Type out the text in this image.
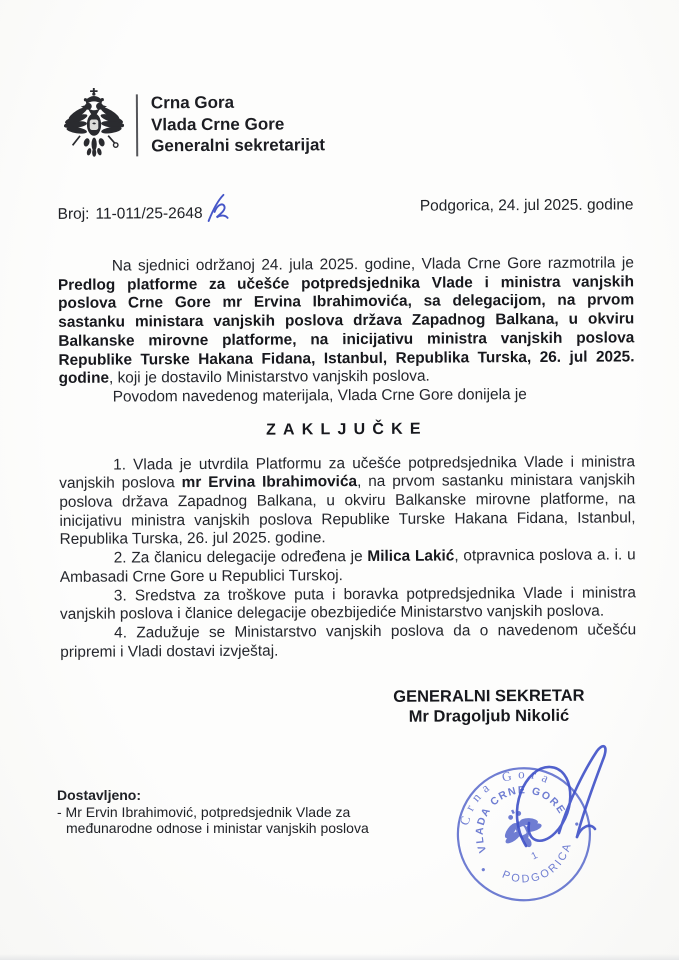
Crna Gora
Vlada Crne Gore
Generalni sekretarijat
Broj: 11-011/25-2648	Podgorica, 24. jul 2025. godine

Na sjednici održanoj 24. jula 2025. godine, Vlada Crne Gore razmotrila je Predlog platforme za učešće potpredsjednika Vlade i ministra vanjskih poslova Crne Gore mr Ervina Ibrahimovića, sa delegacijom, na prvom sastanku ministara vanjskih poslova država Zapadnog Balkana, u okviru Balkanske mirovne platforme, na inicijativu ministra vanjskih poslova Republike Turske Hakana Fidana, Istanbul, Republika Turska, 26. jul 2025. godine, koji je dostavilo Ministarstvo vanjskih poslova.

Povodom navedenog materijala, Vlada Crne Gore donijela je

ZAKLJUČKE

1. Vlada je utvrdila Platformu za učešće potpredsjednika Vlade i ministra vanjskih poslova mr Ervina Ibrahimovića, na prvom sastanku ministara vanjskih poslova država Zapadnog Balkana, u okviru Balkanske mirovne platforme, na inicijativu ministra vanjskih poslova Republike Turske Hakana Fidana, Istanbul, Republika Turska, 26. jul 2025. godine.

2. Za članicu delegacije određena je Milica Lakić, otpravnica poslova a. i. u Ambasadi Crne Gore u Republici Turskoj.

3. Sredstva za troškove puta i boravka potpredsjednika Vlade i ministra vanjskih poslova i članice delegacije obezbijediće Ministarstvo vanjskih poslova.

4. Zadužuje se Ministarstvo vanjskih poslova da o navedenom učešću pripremi i Vladi dostavi izvještaj.

GENERALNI SEKRETAR
Mr Dragoljub Nikolić
Dostavljeno:
- Mr Ervin Ibrahimović, potpredsjednik Vlade za
međunarodne odnose i ministar vanjskih poslova
Crna Gora
VLADA CRNE GORE
PODGORICA
1
